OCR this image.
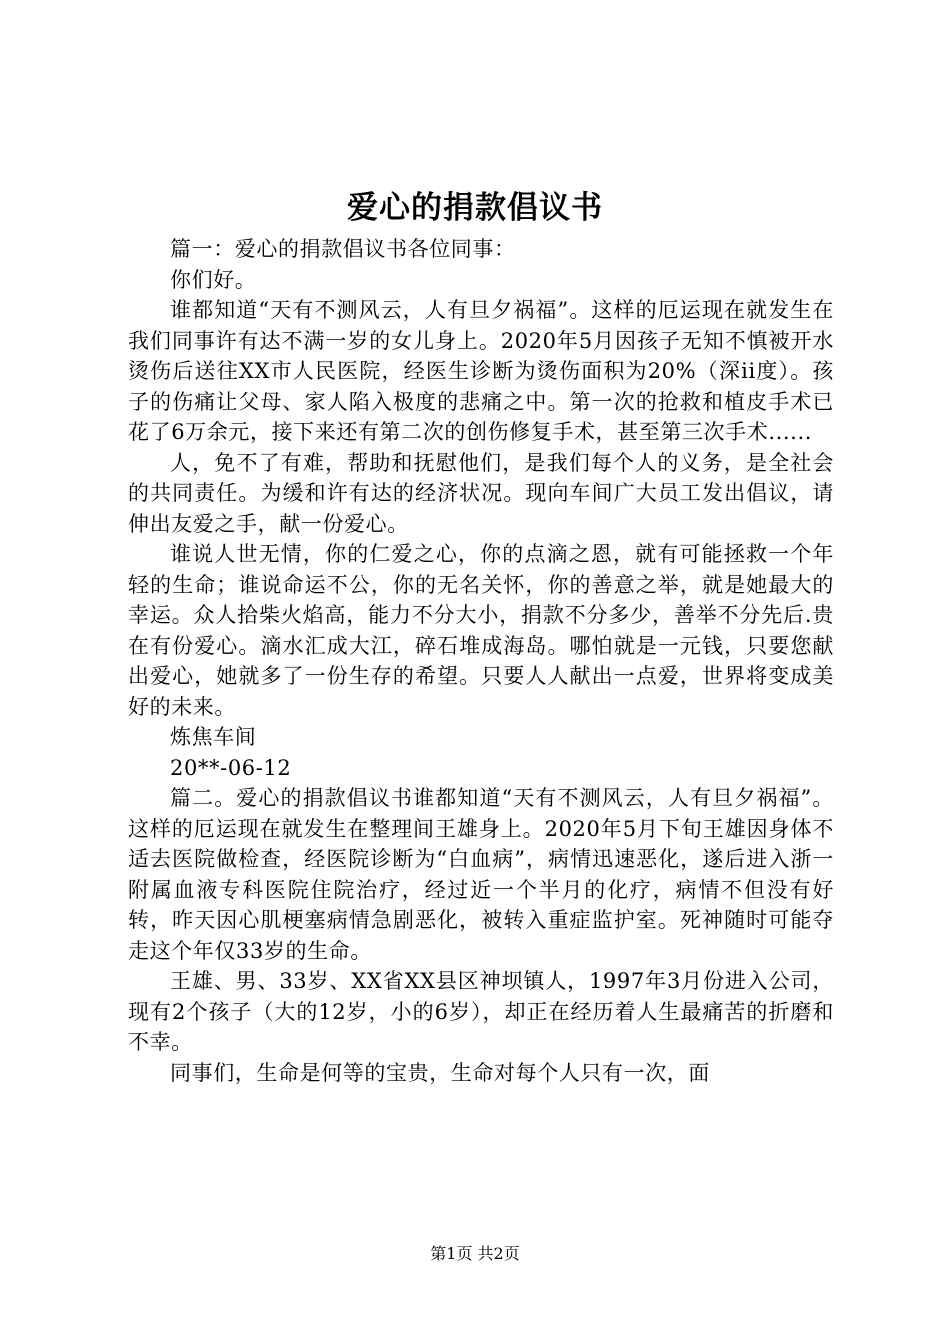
爱心的捐款倡议书

篇一：爱心的捐款倡议书各位同事：

你们好。

谁都知道“天有不测风云，人有旦夕祸福”。这样的厄运现在就发生在我们同事许有达不满一岁的女儿身上。2020年5月因孩子无知不慎被开水烫伤后送往XX市人民医院，经医生诊断为烫伤面积为20%（深ii度）。孩子的伤痛让父母、家人陷入极度的悲痛之中。第一次的抢救和植皮手术已花了6万余元，接下来还有第二次的创伤修复手术，甚至第三次手术......

人，免不了有难，帮助和抚慰他们，是我们每个人的义务，是全社会的共同责任。为缓和许有达的经济状况。现向车间广大员工发出倡议，请伸出友爱之手，献一份爱心。

谁说人世无情，你的仁爱之心，你的点滴之恩，就有可能拯救一个年轻的生命；谁说命运不公，你的无名关怀，你的善意之举，就是她最大的幸运。众人拾柴火焰高，能力不分大小，捐款不分多少，善举不分先后.贵在有份爱心。滴水汇成大江，碎石堆成海岛。哪怕就是一元钱，只要您献出爱心，她就多了一份生存的希望。只要人人献出一点爱，世界将变成美好的未来。

炼焦车间

20**-06-12

篇二。爱心的捐款倡议书谁都知道“天有不测风云，人有旦夕祸福”。这样的厄运现在就发生在整理间王雄身上。2020年5月下旬王雄因身体不适去医院做检查，经医院诊断为“白血病”，病情迅速恶化，遂后进入浙一附属血液专科医院住院治疗，经过近一个半月的化疗，病情不但没有好转，昨天因心肌梗塞病情急剧恶化，被转入重症监护室。死神随时可能夺走这个年仅33岁的生命。

王雄、男、33岁、XX省XX县区神坝镇人，1997年3月份进入公司，现有2个孩子（大的12岁，小的6岁），却正在经历着人生最痛苦的折磨和不幸。

同事们，生命是何等的宝贵，生命对每个人只有一次，面

第1页 共2页
